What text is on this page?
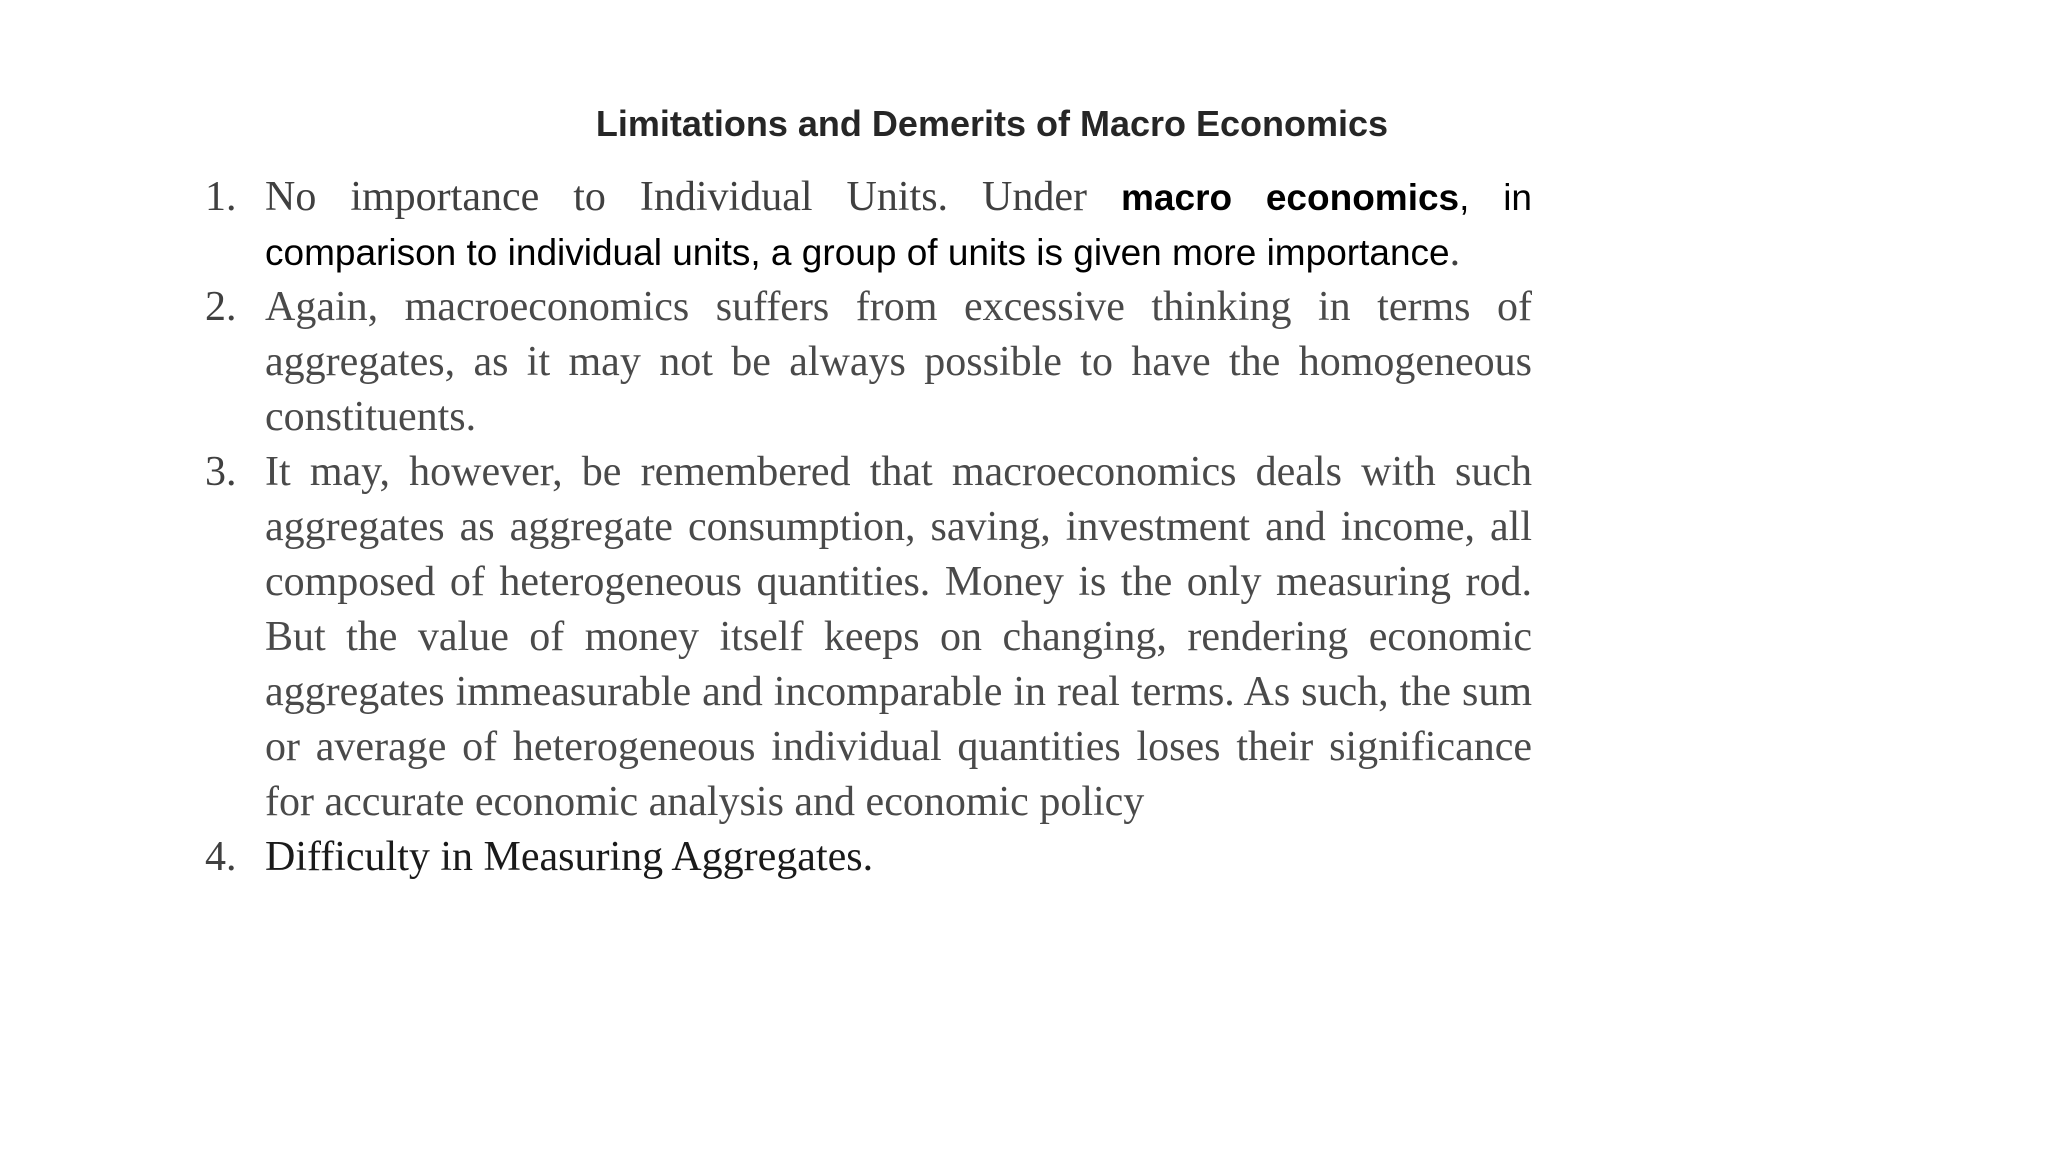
Limitations and Demerits of Macro Economics
1. No importance to Individual Units. Under macro economics, in comparison to individual units, a group of units is given more importance.
2. Again, macroeconomics suffers from excessive thinking in terms of aggregates, as it may not be always possible to have the homogeneous constituents.
3. It may, however, be remembered that macroeconomics deals with such aggregates as aggregate consumption, saving, investment and income, all composed of heterogeneous quantities. Money is the only measuring rod. But the value of money itself keeps on changing, rendering economic aggregates immeasurable and incomparable in real terms. As such, the sum or average of heterogeneous individual quantities loses their significance for accurate economic analysis and economic policy
4. Difficulty in Measuring Aggregates.
